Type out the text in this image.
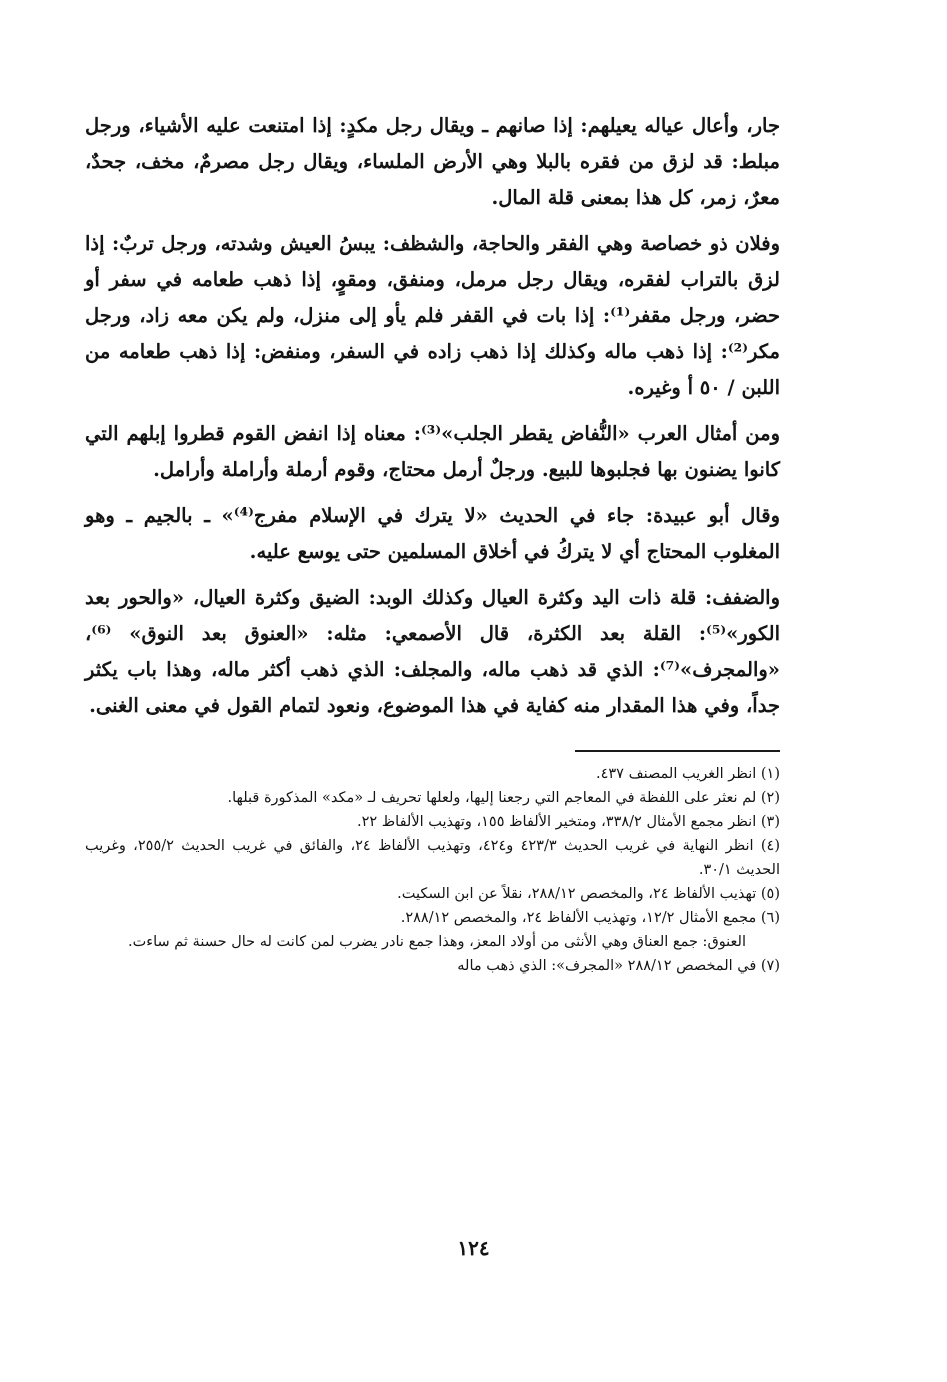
جار، وأعال عياله يعيلهم: إذا صانهم ـ ويقال رجل مكدٍ: إذا امتنعت عليه الأشياء، ورجل مبلط: قد لزق من فقره بالبلا وهي الأرض الملساء، ويقال رجل مصرمٌ، مخف، جحدٌ، معرٌ، زمر، كل هذا بمعنى قلة المال.

وفلان ذو خصاصة وهي الفقر والحاجة، والشظف: يبسُ العيش وشدته، ورجل تربٌ: إذا لزق بالتراب لفقره، ويقال رجل مرمل، ومنفق، ومقوٍ، إذا ذهب طعامه في سفر أو حضر، ورجل مقفر⁽¹⁾: إذا بات في القفر فلم يأو إلى منزل، ولم يكن معه زاد، ورجل مكر⁽²⁾: إذا ذهب ماله وكذلك إذا ذهب زاده في السفر، ومنفض: إذا ذهب طعامه من اللبن / ٥٠ أ وغيره.

ومن أمثال العرب «النُّفاض يقطر الجلب»⁽³⁾: معناه إذا انفض القوم قطروا إبلهم التي كانوا يضنون بها فجلبوها للبيع. ورجلٌ أرمل محتاج، وقوم أرملة وأراملة وأرامل.

وقال أبو عبيدة: جاء في الحديث «لا يترك في الإسلام مفرج⁽⁴⁾» ـ بالجيم ـ وهو المغلوب المحتاج أي لا يتركُ في أخلاق المسلمين حتى يوسع عليه.

والضفف: قلة ذات اليد وكثرة العيال وكذلك الوبد: الضيق وكثرة العيال، «والحور بعد الكور»⁽⁵⁾: القلة بعد الكثرة، قال الأصمعي: مثله: «العنوق بعد النوق» ⁽⁶⁾، «والمجرف»⁽⁷⁾: الذي قد ذهب ماله، والمجلف: الذي ذهب أكثر ماله، وهذا باب يكثر جداً، وفي هذا المقدار منه كفاية في هذا الموضوع، ونعود لتمام القول في معنى الغنى.

(١) انظر الغريب المصنف ٤٣٧.

(٢) لم نعثر على اللفظة في المعاجم التي رجعنا إليها، ولعلها تحريف لـ «مكد» المذكورة قبلها.

(٣) انظر مجمع الأمثال ٣٣٨/٢، ومتخير الألفاظ ١٥٥، وتهذيب الألفاظ ٢٢.

(٤) انظر النهاية في غريب الحديث ٤٢٣/٣ و٤٢٤، وتهذيب الألفاظ ٢٤، والفائق في غريب الحديث ٢٥٥/٢، وغريب الحديث ٣٠/١.

(٥) تهذيب الألفاظ ٢٤، والمخصص ٢٨٨/١٢، نقلاً عن ابن السكيت.

(٦) مجمع الأمثال ١٢/٢، وتهذيب الألفاظ ٢٤، والمخصص ٢٨٨/١٢.

العنوق: جمع العناق وهي الأنثى من أولاد المعز، وهذا جمع نادر يضرب لمن كانت له حال حسنة ثم ساءت.

(٧) في المخصص ٢٨٨/١٢ «المجرف»: الذي ذهب ماله

١٢٤
